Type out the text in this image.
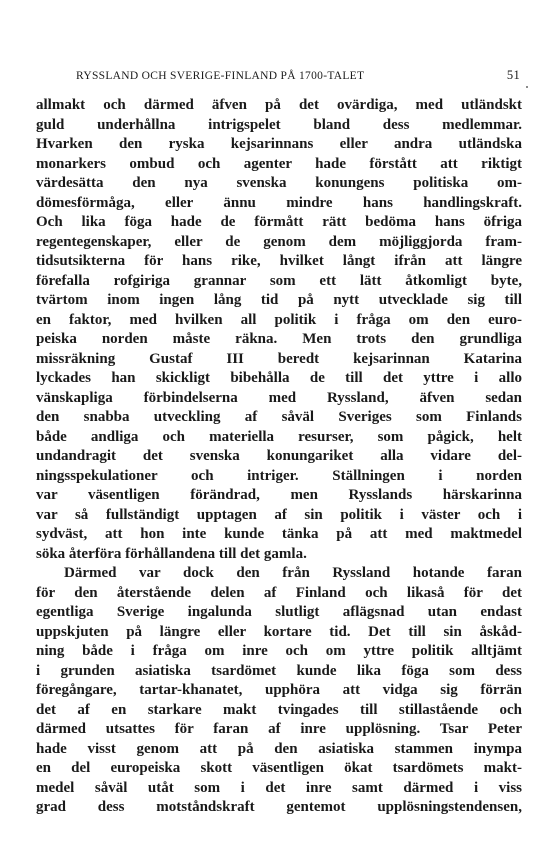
RYSSLAND OCH SVERIGE-FINLAND PÅ 1700-TALET	51
allmakt och därmed äfven på det ovärdiga, med utländskt
guld underhållna intrigspelet bland dess medlemmar.
Hvarken den ryska kejsarinnans eller andra utländska
monarkers ombud och agenter hade förstått att riktigt
värdesätta den nya svenska konungens politiska om-
dömesförmåga, eller ännu mindre hans handlingskraft.
Och lika föga hade de förmått rätt bedöma hans öfriga
regentegenskaper, eller de genom dem möjliggjorda fram-
tidsutsikterna för hans rike, hvilket långt ifrån att längre
förefalla rofgiriga grannar som ett lätt åtkomligt byte,
tvärtom inom ingen lång tid på nytt utvecklade sig till
en faktor, med hvilken all politik i fråga om den euro-
peiska norden måste räkna. Men trots den grundliga
missräkning Gustaf III beredt kejsarinnan Katarina
lyckades han skickligt bibehålla de till det yttre i allo
vänskapliga förbindelserna med Ryssland, äfven sedan
den snabba utveckling af såväl Sveriges som Finlands
både andliga och materiella resurser, som pågick, helt
undandragit det svenska konungariket alla vidare del-
ningsspekulationer och intriger. Ställningen i norden
var väsentligen förändrad, men Rysslands härskarinna
var så fullständigt upptagen af sin politik i väster och i
sydväst, att hon inte kunde tänka på att med maktmedel
söka återföra förhållandena till det gamla.
Därmed var dock den från Ryssland hotande faran
för den återstående delen af Finland och likaså för det
egentliga Sverige ingalunda slutligt aflägsnad utan endast
uppskjuten på längre eller kortare tid. Det till sin åskåd-
ning både i fråga om inre och om yttre politik alltjämt
i grunden asiatiska tsardömet kunde lika föga som dess
föregångare, tartar-khanatet, upphöra att vidga sig förrän
det af en starkare makt tvingades till stillastående och
därmed utsattes för faran af inre upplösning. Tsar Peter
hade visst genom att på den asiatiska stammen inympa
en del europeiska skott väsentligen ökat tsardömets makt-
medel såväl utåt som i det inre samt därmed i viss
grad dess motståndskraft gentemot upplösningstendensen,
